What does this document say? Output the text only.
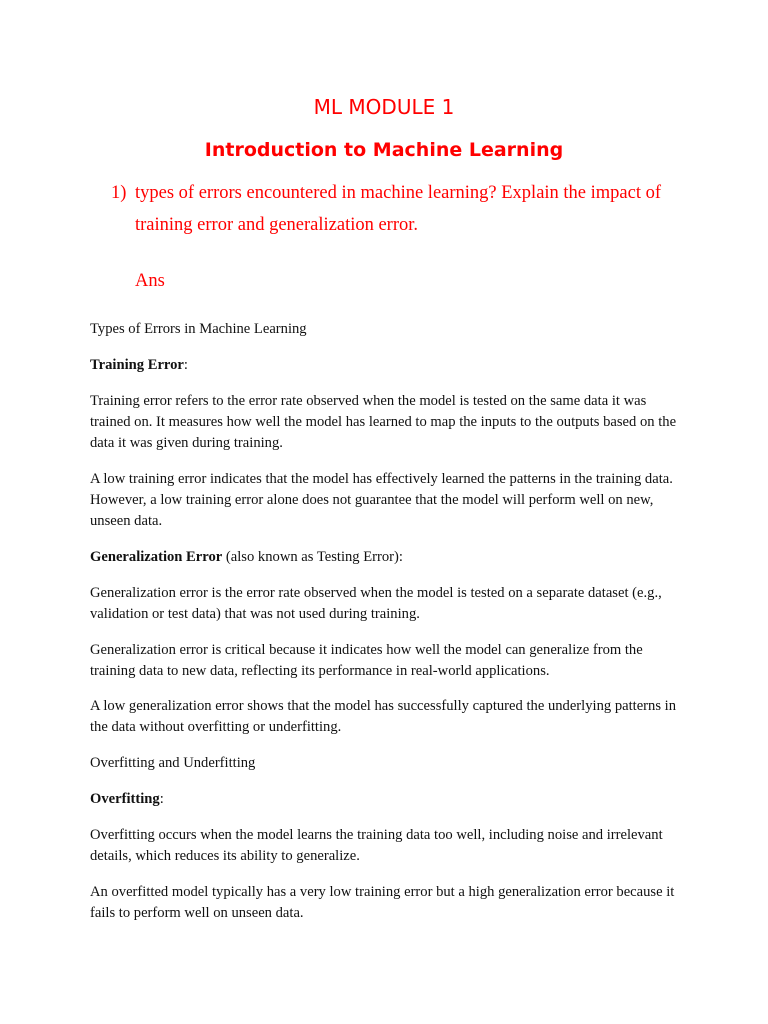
ML MODULE 1
Introduction to Machine Learning
1) types of errors encountered in machine learning? Explain the impact of training error and generalization error.

Ans

Types of Errors in Machine Learning

Training Error:

Training error refers to the error rate observed when the model is tested on the same data it was trained on. It measures how well the model has learned to map the inputs to the outputs based on the data it was given during training.

A low training error indicates that the model has effectively learned the patterns in the training data. However, a low training error alone does not guarantee that the model will perform well on new, unseen data.

Generalization Error (also known as Testing Error):

Generalization error is the error rate observed when the model is tested on a separate dataset (e.g., validation or test data) that was not used during training.

Generalization error is critical because it indicates how well the model can generalize from the training data to new data, reflecting its performance in real-world applications.

A low generalization error shows that the model has successfully captured the underlying patterns in the data without overfitting or underfitting.

Overfitting and Underfitting

Overfitting:

Overfitting occurs when the model learns the training data too well, including noise and irrelevant details, which reduces its ability to generalize.

An overfitted model typically has a very low training error but a high generalization error because it fails to perform well on unseen data.
